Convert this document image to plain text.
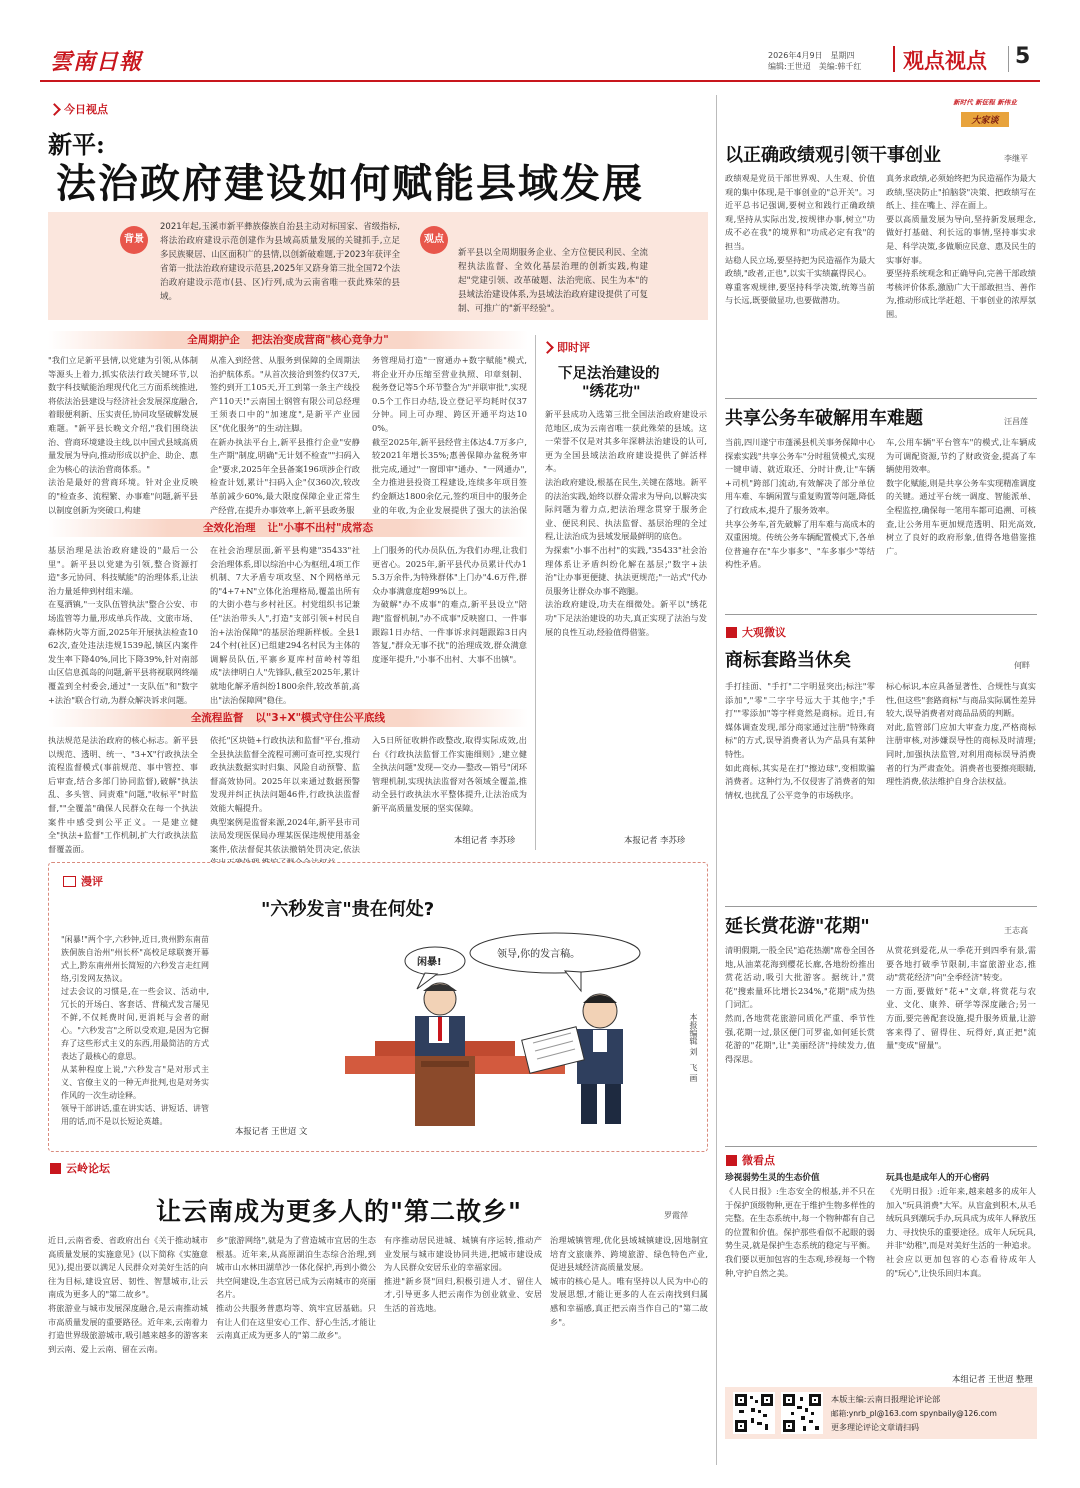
雲南日報	2026年4月9日　星期四
编辑:王世迢　美编:韩千红 观点视点 5
今日视点
新平:
法治政府建设如何赋能县域发展
背景
2021年起,玉溪市新平彝族傣族自治县主动对标国家、省级指标,将法治政府建设示范创建作为县域高质量发展的关键抓手,立足多民族聚居、山区面积广的县情,以创新破难题,于2023年获评全省第一批法治政府建设示范县,2025年又跻身第三批全国72个法治政府建设示范市(县、区)行列,成为云南省唯一获此殊荣的县域。
观点
新平县以全周期服务企业、全方位便民利民、全流程执法监督、全效化基层治理的创新实践,构建起"党建引领、改革破题、法治兜底、民生为本"的县域法治建设体系,为县域法治政府建设提供了可复制、可推广的"新平经验"。
全周期护企 把法治变成营商"核心竞争力"
"我们立足新平县情,以党建为引领,从体制等源头上着力,抓实依法行政关键环节,以数字科技赋能治理现代化三方面系统推进,将依法治县建设与经济社会发展深度融合,着眼便利新、压实责任,协同攻坚破解发展难题。"新平县长晚文介绍,"我们围绕法治、营商环境建设主线,以中国式县域高质量发展为导向,推动形成以护企、助企、惠企为核心的法治营商体系。"
法治是最好的营商环境。针对企业反映的"检查多、流程繁、办事难"问题,新平县以制度创新为突破口,构建
从准入到经营、从服务到保障的全周期法治护航体系。"从首次接洽到签约仅37天,签约到开工105天,开工到第一条主产线投产110天!"云南国土钢管有限公司总经理王须表口中的"加速度",是新平产业园区"优化服务"的生动注脚。
在新办执法平台上,新平县推行企业"安静生产期"制度,明确"无计划不检查""扫码入企"要求,2025年全县备案196项涉企行政检查计划,累计"扫码入企"仅360次,较改革前减少60%,最大限度保障企业正常生产经营,在提升办事效率上,新平县政务服
务管理局打造"一窗通办+数字赋能"模式,将企业开办压缩至营业执照、印章刻制、税务登记等5个环节整合为"并联审批",实现0.5个工作日办结,设立登记平均耗时仅37分钟。同上可办理、跨区开通平均达100%。
截至2025年,新平县经营主体达4.7万多户,较2021年增长35%;惠善保障办盆税务审批完成,通过"一窗即审"通办、"一网通办",全力推进县投资工程建设,连续多年项目签约金额达1800余亿元,签约项目中的服务企业的年收,为企业发展提供了强大的法治保
全效化治理 让"小事不出村"成常态
基层治理是法治政府建设的"最后一公里"。新平县以党建为引领,整合资源打造"多元协同、科技赋能"的治理体系,让法治力量延伸到村组末端。
在戛洒镇,"一支队伍管执法"整合公安、市场监管等力量,形成单兵作战、文旅市场、森林防火等方面,2025年开展执法检查1062次,查处违法违规1539起,镇区内案件发生率下降40%,同比下降39%,针对南部山区信息孤岛的问题,新平县将视联网终端覆盖到全村委会,通过"一支队伍"和"数字+法治"联合行动,为群众解决诉求问题。
在社会治理层面,新平县构建"35433"社会治理体系,即以综治中心为枢纽,4项工作机制、7大矛盾专项攻坚、N个网格单元的"4+7+N"立体化治理格局,覆盖出所有的大街小巷与乡村社区。村党组织书记兼任"法治带头人",打造"支部引领+村民自治+法治保障"的基层治理新样板。全县124个村(社区)已组建294名村民为主体的调解员队伍,平寨乡夏库村苗岭村等组成"法律明白人"先锋队,截至2025年,累计就地化解矛盾纠纷1800余件,较改革前,高出"法治保障网"稳住。
上门服务的代办员队伍,为我们办理,让我们更省心。2025年,新平县代办员累计代办15.3万余件,为特殊群体"上门办"4.6万件,群众办事满意度超99%以上。
为破解"办不成事"的难点,新平县设立"陪跑"监督机制,"办不成事"反映窗口、一件事跟踪1日办结、一件事诉求问题跟踪3日内答复,"群众无事不扰"的治理成效,群众满意度逐年提升,"小事不出村、大事不出镇"。
全流程监督 以"3+X"模式守住公平底线
执法规范是法治政府的核心标志。新平县以规范、透明、统一、"3+X"行政执法全流程监督模式(事前规范、事中管控、事后审查,结合多部门协同监督),破解"执法乱、多头管、同责难"问题,"收标平"时监督,""全覆盖"确保人民群众在每一个执法案件中感受到公平正义。一是建立健全"执法+监督"工作机制,扩大行政执法监督覆盖面。
依托"区块链+行政执法和监督"平台,推动全县执法监督全流程可溯可查可控,实现行政执法数据实时归集、风险自动预警、监督高效协同。2025年以来通过数据预警发现并纠正执法问题46件,行政执法监督效能大幅提升。
典型案例是监督来源,2024年,新平县市司法局发现医保局办理某医保违规使用基金案件,依法督促其依法撤销处罚决定,依法
入5日所征收耕作政整改,取得实际成效,出台《行政执法监督工作实施细则》,建立健全执法问题"发现—交办—整改—销号"闭环管理机制,实现执法监督对各领域全覆盖,推动全县行政执法水平整体提升,让法治成为新平高质量发展的坚实保障。
本组记者 李苏珍
即时评
下足法治建设的
"绣花功"
新平县成功入选第三批全国法治政府建设示范地区,成为云南省唯一获此殊荣的县域。这一荣誉不仅是对其多年深耕法治建设的认可,更为全国县域法治政府建设提供了鲜活样本。
法治政府建设,根基在民生,关键在落地。新平的法治实践,始终以群众需求为导向,以解决实际问题为着力点,把法治理念贯穿于服务企业、便民利民、执法监督、基层治理的全过程,让法治成为县域发展最鲜明的底色。
为探索"小事不出村"的实践,"35433"社会治理体系让矛盾纠纷化解在基层;"数字+法治"让办事更便捷、执法更规范;"一站式"代办员服务让群众办事不跑腿。
法治政府建设,功夫在细微处。新平以"绣花功"下足法治建设的功夫,真正实现了法治与发展的良性互动,经验值得借鉴。
本报记者 李苏珍
漫评
"六秒发言"贵在何处?
"闲暴!"两个字,六秒钟,近日,贵州黔东南苗族侗族自治州"州长杯"高校足球联赛开幕式上,黔东南州州长简短的六秒发言走红网络,引发网友热议。
过去会议的习惯是,在一些会议、活动中,冗长的开场白、客套话、背稿式发言屡见不鲜,不仅耗费时间,更消耗与会者的耐心。"六秒发言"之所以受欢迎,是因为它摒弃了这些形式主义的东西,用最简洁的方式表达了最核心的意思。
从某种程度上说,"六秒发言"是对形式主义、官僚主义的一种无声批判,也是对务实作风的一次生动诠释。
领导干部讲话,重在讲实话、讲短话、讲管用的话,而不是以长短论英雄。
本报记者 王世迢 文
闲暴!
领导,你的发言稿。
本报编辑 刘　飞 画
云岭论坛
让云南成为更多人的"第二故乡"	罗霞萍
近日,云南省委、省政府出台《关于推动城市高质量发展的实施意见》(以下简称《实施意见》),提出要以满足人民群众对美好生活的向往为目标,建设宜居、韧性、智慧城市,让云南成为更多人的"第二故乡"。
将旅游业与城市发展深度融合,是云南推动城市高质量发展的重要路径。近年来,云南着力打造世界级旅游城市,吸引越来越多的游客来到云南、爱上云南、留在云南。
乡"旅游网络",就是为了营造城市宜居的生态根基。近年来,从高原湖泊生态综合治理,到城市山水林田湖草沙一体化保护,再到小微公共空间建设,生态宜居已成为云南城市的亮丽名片。
推动公共服务普惠均等、筑牢宜居基础。只有让人们在这里安心工作、舒心生活,才能让云南真正成为更多人的"第二故乡"。
有序推动居民进城、城镇有序运转,推动产业发展与城市建设协同共进,把城市建设成为人民群众安居乐业的幸福家园。
推进"新乡贤"回归,积极引进人才、留住人才,引导更多人把云南作为创业就业、安居生活的首选地。
治理城镇管理,优化县域城镇建设,因地制宜培育文旅康养、跨境旅游、绿色特色产业,促进县域经济高质量发展。
城市的核心是人。唯有坚持以人民为中心的发展思想,才能让更多的人在云南找到归属感和幸福感,真正把云南当作自己的"第二故乡"。
新时代 新征程 新伟业
大家谈
以正确政绩观引领干事创业	李继平
政绩观是党员干部世界观、人生观、价值观的集中体现,是干事创业的"总开关"。习近平总书记强调,要树立和践行正确政绩观,坚持从实际出发,按规律办事,树立"功成不必在我"的境界和"功成必定有我"的担当。
站稳人民立场,要坚持把为民造福作为最大政绩,"政者,正也",以实干实绩赢得民心。
尊重客观规律,要坚持科学决策,统筹当前与长远,既要做显功,也要做潜功。
真务求政绩,必须始终把为民造福作为最大政绩,坚决防止"拍脑袋"决策、把政绩写在纸上、挂在嘴上、浮在面上。
要以高质量发展为导向,坚持新发展理念,做好打基础、利长远的事情,坚持事实求是、科学决策,多做顺应民意、惠及民生的实事好事。
要坚持系统观念和正确导向,完善干部政绩考核评价体系,激励广大干部敢担当、善作为,推动形成比学赶超、干事创业的浓厚氛围。
共享公务车破解用车难题	汪昌莲
当前,四川遂宁市蓬溪县机关事务保障中心探索实践"共享公务车"分时租赁模式,实现一键申请、就近取还、分时计费,让"车辆+司机"跨部门流动,有效解决了部分单位用车难、车辆闲置与重复购置等问题,降低了行政成本,提升了服务效率。
共享公务车,首先破解了用车难与高成本的双重困境。传统公务车辆配置模式下,各单位普遍存在"车少事多"、"车多事少"等结构性矛盾。
车,公用车辆"平台管车"的模式,让车辆成为可调配资源,节约了财政资金,提高了车辆使用效率。
数字化赋能,则是共享公务车实现精准调度的关键。通过平台统一调度、智能派单、全程监控,确保每一笔用车都可追溯、可核查,让公务用车更加规范透明、阳光高效,树立了良好的政府形象,值得各地借鉴推广。
大观微议
商标套路当休矣	何畔
手打挂面、"手打"二字明显突出;标注"零添加","零"二字字号远大于其他字;"手打""零添加"等字样竟然是商标。近日,有媒体调查发现,部分商家通过注册"特殊商标"的方式,误导消费者认为产品具有某种特性。
如此商标,其实是在打"擦边球",变相欺骗消费者。这种行为,不仅侵害了消费者的知情权,也扰乱了公平竞争的市场秩序。
标心标识,本应具备显著性、合规性与真实性,但这些"套路商标"与商品实际属性差异较大,误导消费者对商品品质的判断。
对此,监管部门应加大审查力度,严格商标注册审核,对涉嫌误导性的商标及时清理;同时,加强执法监管,对利用商标误导消费者的行为严肃查处。消费者也要擦亮眼睛,理性消费,依法维护自身合法权益。
延长赏花游"花期"	王志高
清明假期,一股全民"追花热潮"席卷全国各地,从油菜花海到樱花长廊,各地纷纷推出赏花活动,吸引大批游客。据统计,"赏花"搜索量环比增长234%,"花期"成为热门词汇。
然而,各地赏花旅游同质化严重、季节性强,花期一过,景区便门可罗雀,如何延长赏花游的"花期",让"美丽经济"持续发力,值得深思。
从赏花到爱花,从一季花开到四季有景,需要各地打破季节限制,丰富旅游业态,推动"赏花经济"向"全季经济"转变。
一方面,要做好"花+"文章,将赏花与农业、文化、康养、研学等深度融合;另一方面,要完善配套设施,提升服务质量,让游客来得了、留得住、玩得好,真正把"流量"变成"留量"。
微看点
珍视弱势生灵的生态价值
《人民日报》:生态安全的根基,并不只在于保护顶级物种,更在于维护生物多样性的完整。在生态系统中,每一个物种都有自己的位置和价值。保护那些看似不起眼的弱势生灵,就是保护生态系统的稳定与平衡。我们要以更加包容的生态观,珍视每一个物种,守护自然之美。
玩具也是成年人的开心密码
《光明日报》:近年来,越来越多的成年人加入"玩具消费"大军。从盲盒到积木,从毛绒玩具到潮玩手办,玩具成为成年人释放压力、寻找快乐的重要途径。成年人玩玩具,并非"幼稚",而是对美好生活的一种追求。社会应以更加包容的心态看待成年人的"玩心",让快乐回归本真。
本组记者 王世迢 整理
本版主编:云南日报理论评论部
邮箱:ynrb_pl@163.com spynbaily@126.com
更多理论评论文章请扫码
